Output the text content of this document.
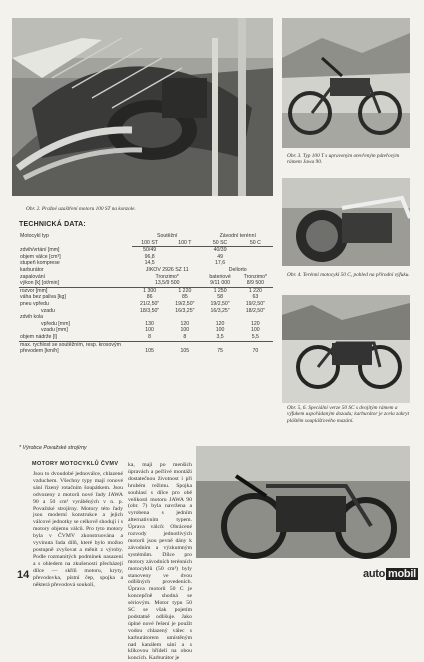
Obr. 2. Pražné uzaštření motoru 100 ST na konzole.
Obr. 3. Typ 100 T s upraveným otevřeným páteřovým rámem Jawa 90.
Obr. 4. Terénní motocykl 50 C, pohled na přírodní výfuku.
Obr. 5, 6. Speciální verze 50 SC s dvojitým rámem a výfukem uspořádaným dozadu; karburátor je zcela zakryt pláštěm souplášťového mazání.
TECHNICKÁ DATA:
Motocykl typ	Soutěžní		Závodní terénní	
	100 ST	100 T	50 SC	50 C
zdvih/vrtání [mm]	50/49		40/39	
objem válce [cm³]	96,8		49	
stupeň komprese	14,5		17,6	
karburátor	JIKOV 2926 SZ 11		Dellorto	
zapalování	Tronzimo*		bateriové	Tronzimo*
výkon [k] [ot/min]	13,5/9 500		9/11 000	8/9 500
rozvor [mm]	1 300	1 220	1 250	1 220
váha bez paliva [kg]	86	85	58	63
pneu vpředu	21/2,50"	19/2,50"	19/2,50"	19/2,50"
vzadu	18/3,50"	16/3,25"	16/3,25"	18/2,50"
zdvih kola				
vpředu [mm]	130	120	120	120
vzadu [mm]	100	100	100	100
objem nádrže [l]	8	8	3,5	5,5
max. rychlost se soutěžním, resp. krosovým převodem [km/h]	105	105	75	70
* Výrobce Považské strojírny
MOTORY MOTOCYKLŮ ČVMV
Jsou to dvoudobé jednoválce, chlazené vzduchem. Všechny typy mají ronové sání řízený rotačním šoupátkem. Jsou odvozeny z motorů nové řady JAWA 90 a 50 cm³ vyráběných v n. p. Považské strojírny. Motory této řady jsou moderní konstrukce a jejich válcové jednotky se celkově shodují i s motory objemu válců. Pro tyto motory byla v ČVMV zkonstruována a vyvinuta řada dílů, které bylo možno postupně zvyšovat a měnit z výroby. Podle rozmanitých podmínek nasazení a s ohledem na zkušenosti přecházejí dílce — skříň motoru, kryty, převodovka, pístní čep, spojka a některá převodová soukolí,
ka, mají po menších úpravách a pečlivé montáži dostatečnou životnost i při hrubém režimu. Spojka souhlasí s dílce pro obě velikosti motoru JAWA 90 (obr. 7) byla navržena a vyrobena s jedním alternativním typem. Úprava válců: Obrácené rozvody jednotlivých motorů jsou pevně dány k závodním a výzkumným systémům. Dílce pro motory závodních terénních motocyklů (50 cm³) byly stanoveny ve dvou odlišných provedeních. Úprava motorů 50 C je koncepčně shodná se sériovým. Motor typu 50 SC se však pojetím podstatně odlišuje. Jako úplné nové řešení je použit vodou chlazený válec s karburátorem umístěným nad kanálem sání a s klikovou hřídelí na obou koncích. Karburátor je
14	auto mobil
